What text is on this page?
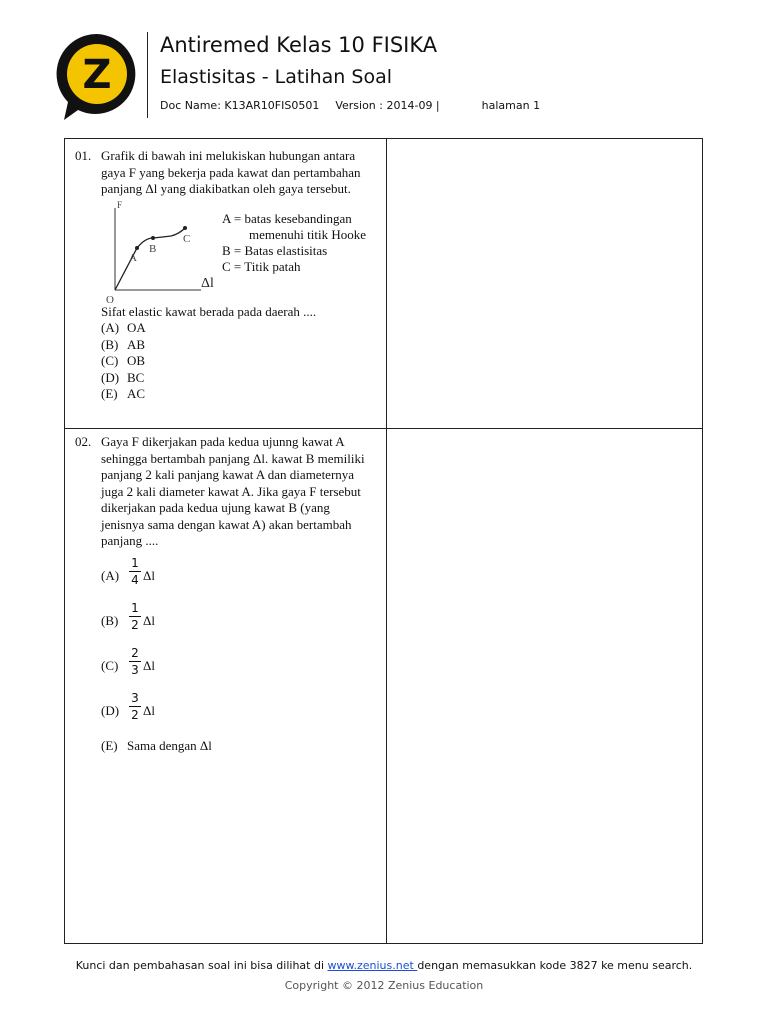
Z
Antiremed Kelas 10 FISIKA
Elastisitas - Latihan Soal
Doc Name: K13AR10FIS0501 Version : 2014-09 |	halaman 1
01. Grafik di bawah ini melukiskan hubungan antara gaya F yang bekerja pada kawat dan pertambahan panjang Δl yang diakibatkan oleh gaya tersebut.
F
A
B
C
O
Δl
A = batas kesebandingan
memenuhi titik Hooke
B = Batas elastisitas
C = Titik patah
Sifat elastic kawat berada pada daerah ....
(A) OA
(B) AB
(C) OB
(D) BC
(E) AC
02. Gaya F dikerjakan pada kedua ujunng kawat A sehingga bertambah panjang Δl. kawat B memiliki panjang 2 kali panjang kawat A dan diameternya juga 2 kali diameter kawat A. Jika gaya F tersebut dikerjakan pada kedua ujung kawat B (yang jenisnya sama dengan kawat A) akan bertambah panjang ....
(A)
1
4 Δl
(B)
1
2 Δl
(C)
2
3 Δl
(D)
3
2 Δl
(E) Sama dengan Δl
Kunci dan pembahasan soal ini bisa dilihat di www.zenius.net dengan memasukkan kode 3827 ke menu search.
Copyright © 2012 Zenius Education
